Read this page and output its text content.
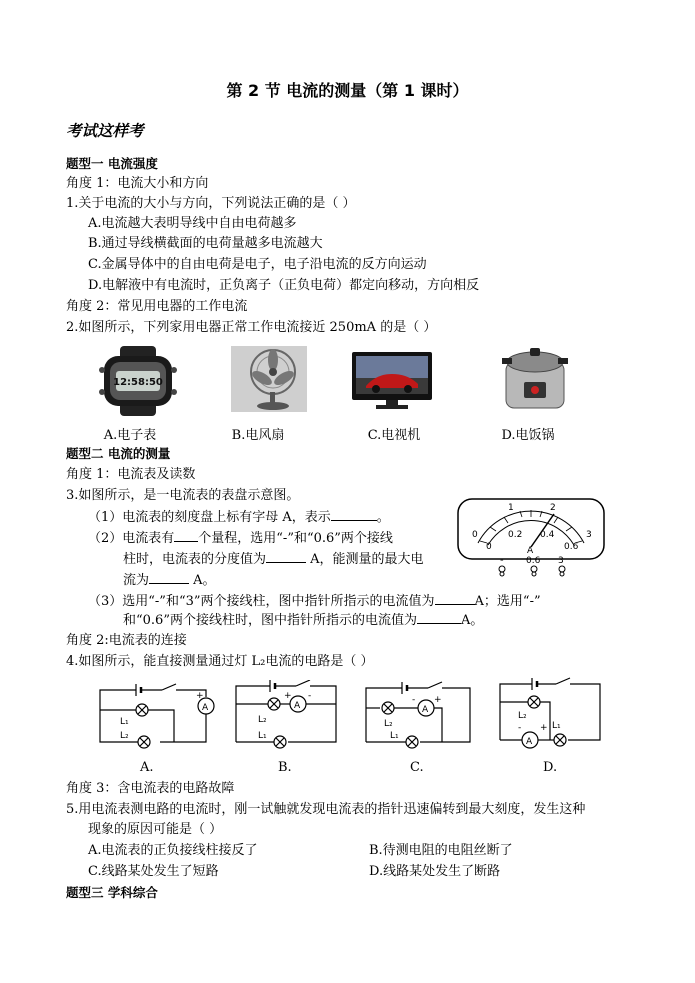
第 2 节 电流的测量（第 1 课时）
考试这样考
题型一 电流强度
角度 1：电流大小和方向
1.关于电流的大小与方向，下列说法正确的是（ ）
A.电流越大表明导线中自由电荷越多
B.通过导线横截面的电荷量越多电流越大
C.金属导体中的自由电荷是电子，电子沿电流的反方向运动
D.电解液中有电流时，正负离子（正负电荷）都定向移动，方向相反
角度 2：常见用电器的工作电流
2.如图所示，下列家用电器正常工作电流接近 250mA 的是（ ）
12:58:50
A.电子表	B.电风扇	C.电视机	D.电饭锅
题型二 电流的测量
角度 1：电流表及读数
3.如图所示，是一电流表的表盘示意图。
（1）电流表的刻度盘上标有字母 A，表示	。
（2）电流表有 个量程，选用“-”和“0.6”两个接线
柱时，电流表的分度值为	A，能测量的最大电
流为	A。
（3）选用“-”和“3”两个接线柱，图中指针所指示的电流值为	A；选用“-”
和“0.6”两个接线柱时，图中指针所指示的电流值为	A。
0
1	2
3
0
0.2 0.4
0.6
A
- 0.6 3
角度 2:电流表的连接
4.如图所示，能直接测量通过灯 L₂电流的电路是（ ）
A
+
L₁
L₂
A.
A
+ -
L₂
L₁
B.
A
- +
L₂
L₁
C.
A
- + L₁
L₂
D.
角度 3：含电流表的电路故障
5.用电流表测电路的电流时，刚一试触就发现电流表的指针迅速偏转到最大刻度，发生这种
现象的原因可能是（ ）
A.电流表的正负接线柱接反了	B.待测电阻的电阻丝断了
C.线路某处发生了短路	D.线路某处发生了断路
题型三 学科综合
